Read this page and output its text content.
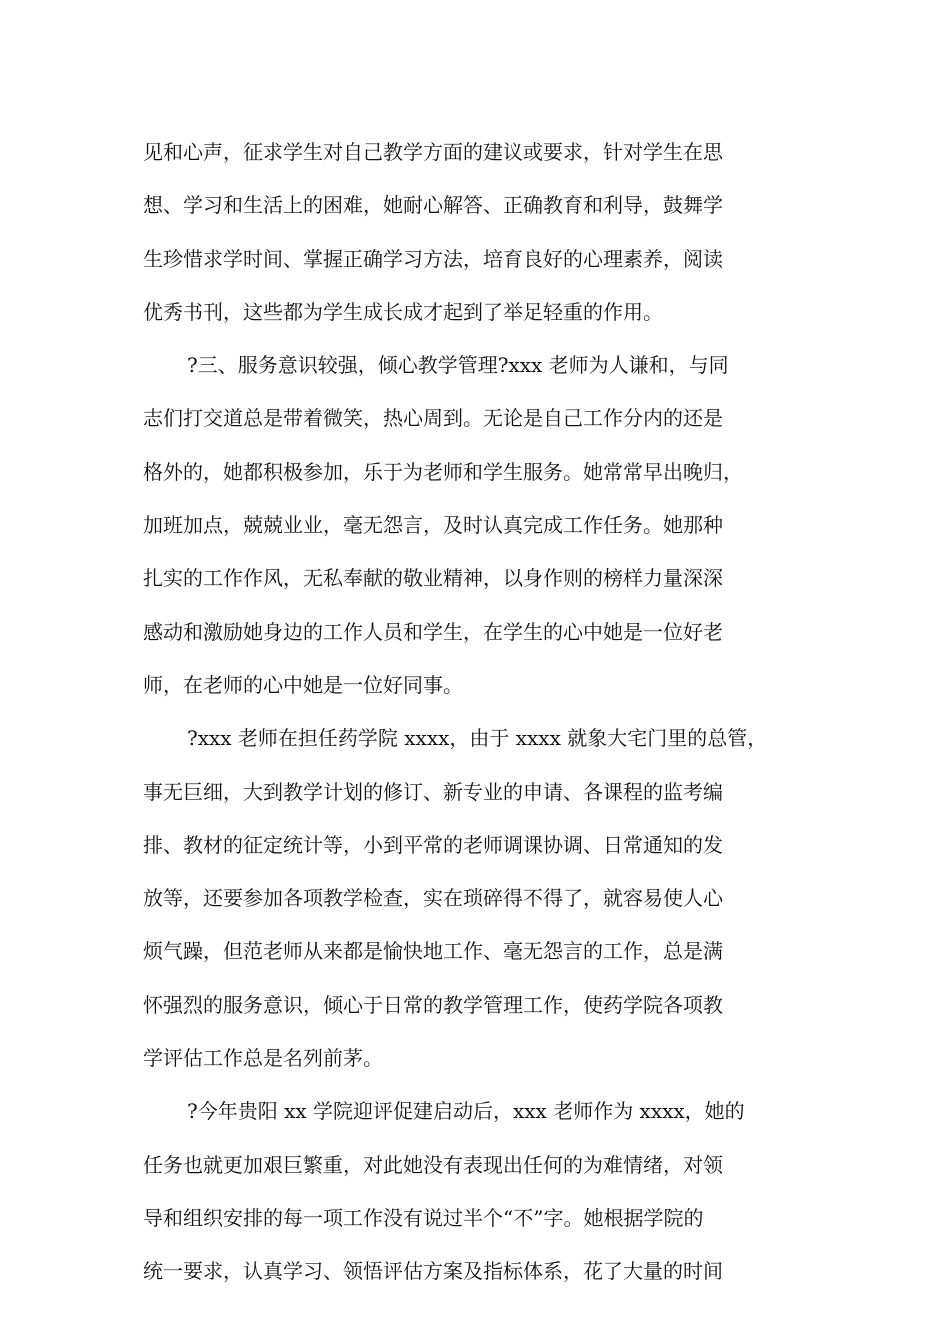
见和心声，征求学生对自己教学方面的建议或要求，针对学生在思
想、学习和生活上的困难，她耐心解答、正确教育和利导，鼓舞学
生珍惜求学时间、掌握正确学习方法，培育良好的心理素养，阅读
优秀书刊，这些都为学生成长成才起到了举足轻重的作用。
?三、服务意识较强，倾心教学管理?xxx 老师为人谦和，与同
志们打交道总是带着微笑，热心周到。无论是自己工作分内的还是
格外的，她都积极参加，乐于为老师和学生服务。她常常早出晚归，
加班加点，兢兢业业，毫无怨言，及时认真完成工作任务。她那种
扎实的工作作风，无私奉献的敬业精神，以身作则的榜样力量深深
感动和激励她身边的工作人员和学生，在学生的心中她是一位好老
师，在老师的心中她是一位好同事。
?xxx 老师在担任药学院 xxxx，由于 xxxx 就象大宅门里的总管，
事无巨细，大到教学计划的修订、新专业的申请、各课程的监考编
排、教材的征定统计等，小到平常的老师调课协调、日常通知的发
放等，还要参加各项教学检查，实在琐碎得不得了，就容易使人心
烦气躁，但范老师从来都是愉快地工作、毫无怨言的工作，总是满
怀强烈的服务意识，倾心于日常的教学管理工作，使药学院各项教
学评估工作总是名列前茅。
?今年贵阳 xx 学院迎评促建启动后，xxx 老师作为 xxxx，她的
任务也就更加艰巨繁重，对此她没有表现出任何的为难情绪，对领
导和组织安排的每一项工作没有说过半个“不”字。她根据学院的
统一要求，认真学习、领悟评估方案及指标体系，花了大量的时间
